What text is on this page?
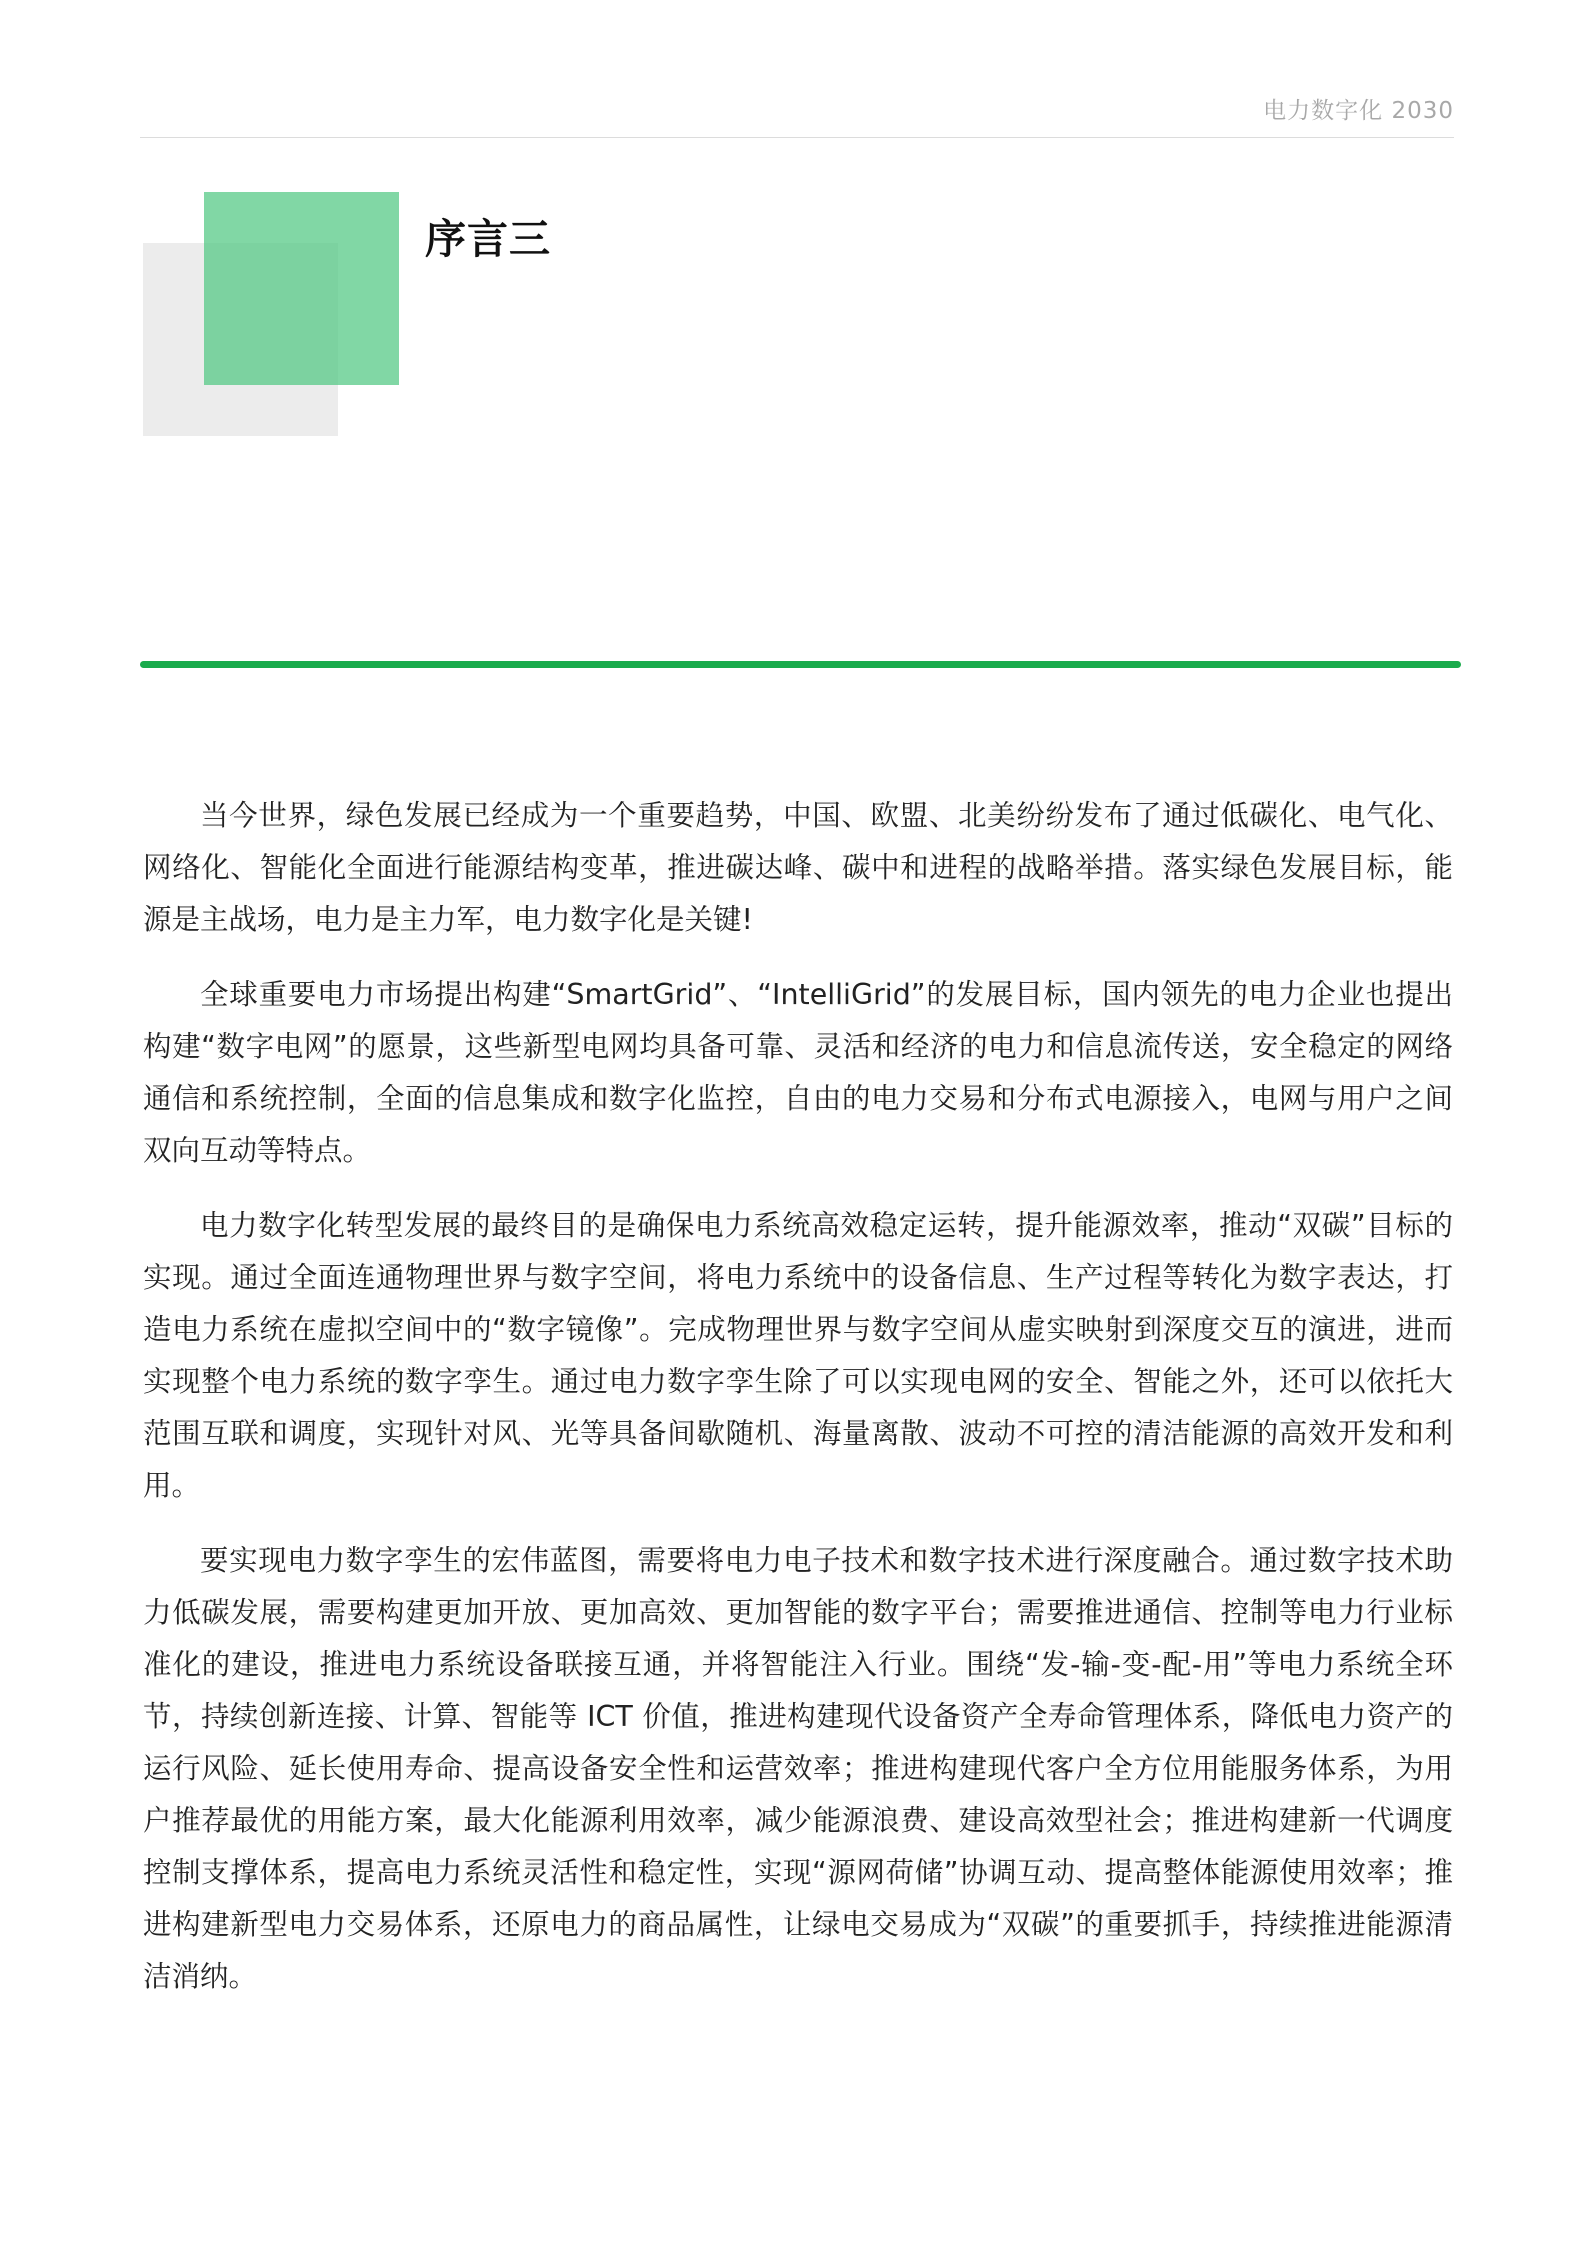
电力数字化 2030
序言三

当今世界，绿色发展已经成为一个重要趋势，中国、欧盟、北美纷纷发布了通过低碳化、电气化、网络化、智能化全面进行能源结构变革，推进碳达峰、碳中和进程的战略举措。落实绿色发展目标，能源是主战场，电力是主力军，电力数字化是关键!

全球重要电力市场提出构建“SmartGrid”、“IntelliGrid”的发展目标，国内领先的电力企业也提出构建“数字电网”的愿景，这些新型电网均具备可靠、灵活和经济的电力和信息流传送，安全稳定的网络通信和系统控制，全面的信息集成和数字化监控，自由的电力交易和分布式电源接入，电网与用户之间双向互动等特点。

电力数字化转型发展的最终目的是确保电力系统高效稳定运转，提升能源效率，推动“双碳”目标的实现。通过全面连通物理世界与数字空间，将电力系统中的设备信息、生产过程等转化为数字表达，打造电力系统在虚拟空间中的“数字镜像”。完成物理世界与数字空间从虚实映射到深度交互的演进，进而实现整个电力系统的数字孪生。通过电力数字孪生除了可以实现电网的安全、智能之外，还可以依托大范围互联和调度，实现针对风、光等具备间歇随机、海量离散、波动不可控的清洁能源的高效开发和利用。

要实现电力数字孪生的宏伟蓝图，需要将电力电子技术和数字技术进行深度融合。通过数字技术助力低碳发展，需要构建更加开放、更加高效、更加智能的数字平台；需要推进通信、控制等电力行业标准化的建设，推进电力系统设备联接互通，并将智能注入行业。围绕“发-输-变-配-用”等电力系统全环节，持续创新连接、计算、智能等 ICT 价值，推进构建现代设备资产全寿命管理体系，降低电力资产的运行风险、延长使用寿命、提高设备安全性和运营效率；推进构建现代客户全方位用能服务体系，为用户推荐最优的用能方案，最大化能源利用效率，减少能源浪费、建设高效型社会；推进构建新一代调度控制支撑体系，提高电力系统灵活性和稳定性，实现“源网荷储”协调互动、提高整体能源使用效率；推进构建新型电力交易体系，还原电力的商品属性，让绿电交易成为“双碳”的重要抓手，持续推进能源清洁消纳。
